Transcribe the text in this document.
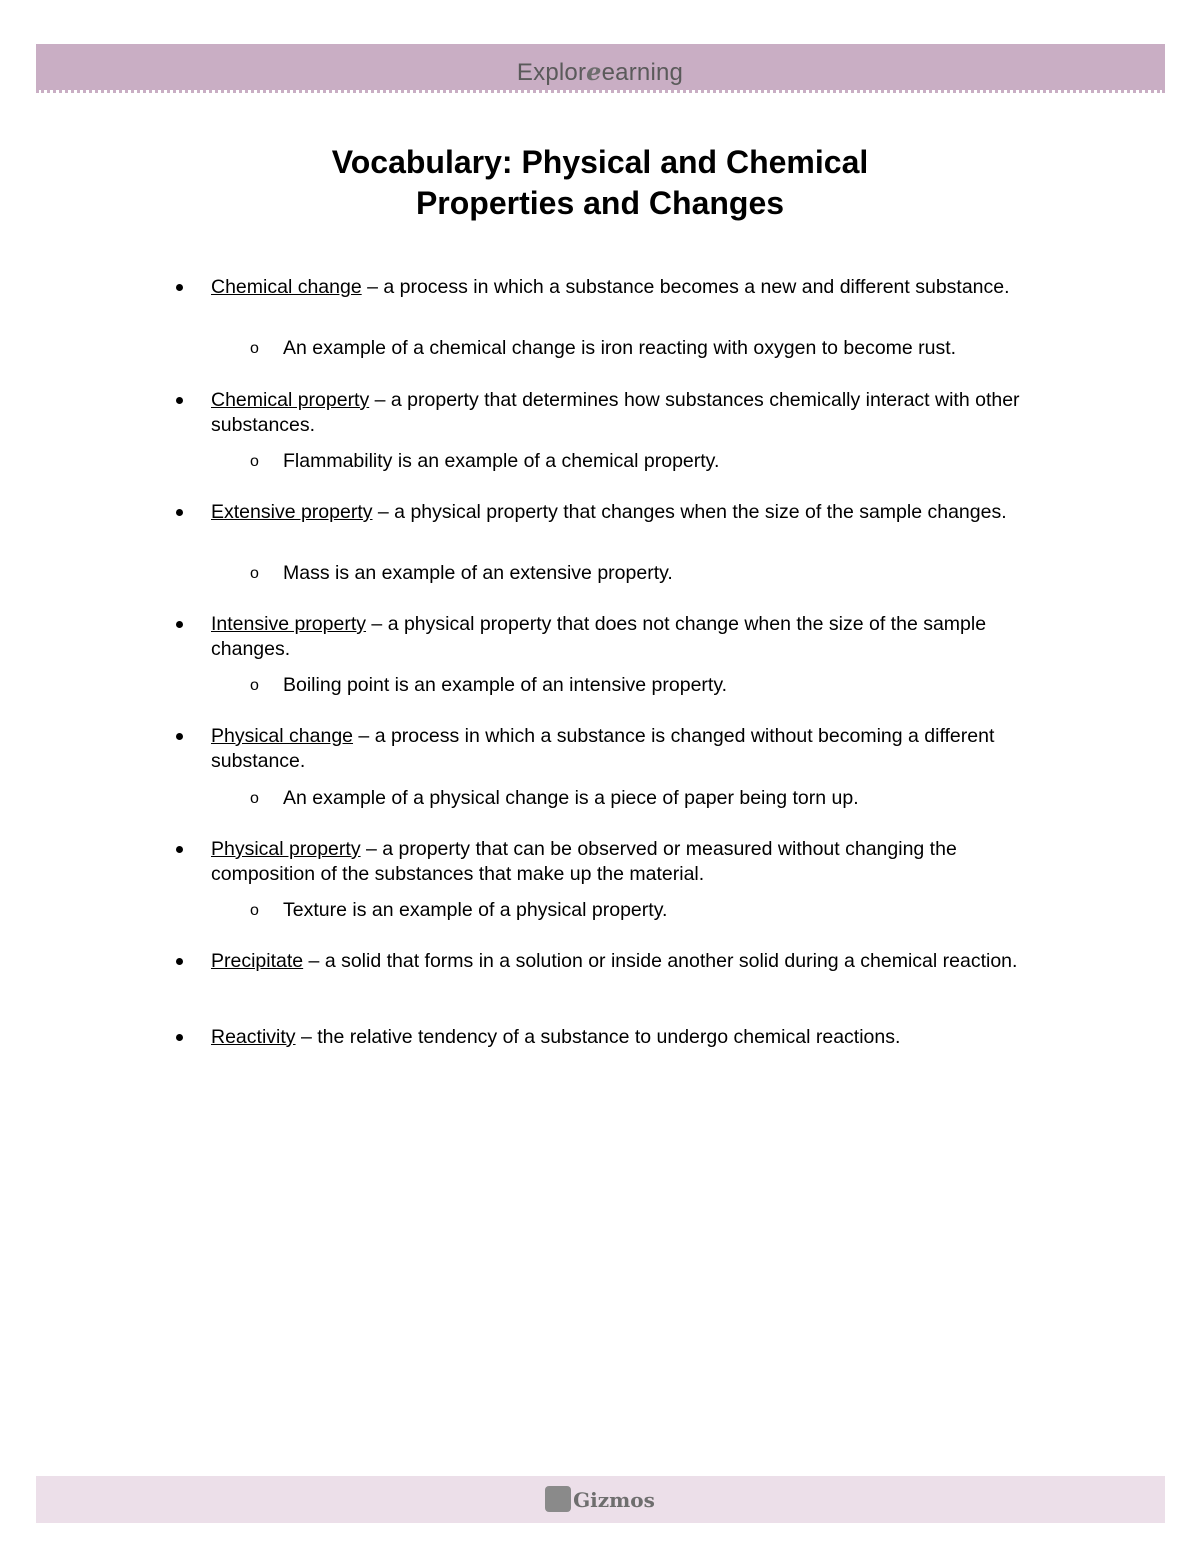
Exploreearning
Vocabulary: Physical and Chemical
Properties and Changes
Chemical change – a process in which a substance becomes a new and different substance.
o An example of a chemical change is iron reacting with oxygen to become rust.
Chemical property – a property that determines how substances chemically interact with other substances.
o Flammability is an example of a chemical property.
Extensive property – a physical property that changes when the size of the sample changes.
o Mass is an example of an extensive property.
Intensive property – a physical property that does not change when the size of the sample changes.
o Boiling point is an example of an intensive property.
Physical change – a process in which a substance is changed without becoming a different substance.
o An example of a physical change is a piece of paper being torn up.
Physical property – a property that can be observed or measured without changing the composition of the substances that make up the material.
o Texture is an example of a physical property.
Precipitate – a solid that forms in a solution or inside another solid during a chemical reaction.
Reactivity – the relative tendency of a substance to undergo chemical reactions.
Gizmos
